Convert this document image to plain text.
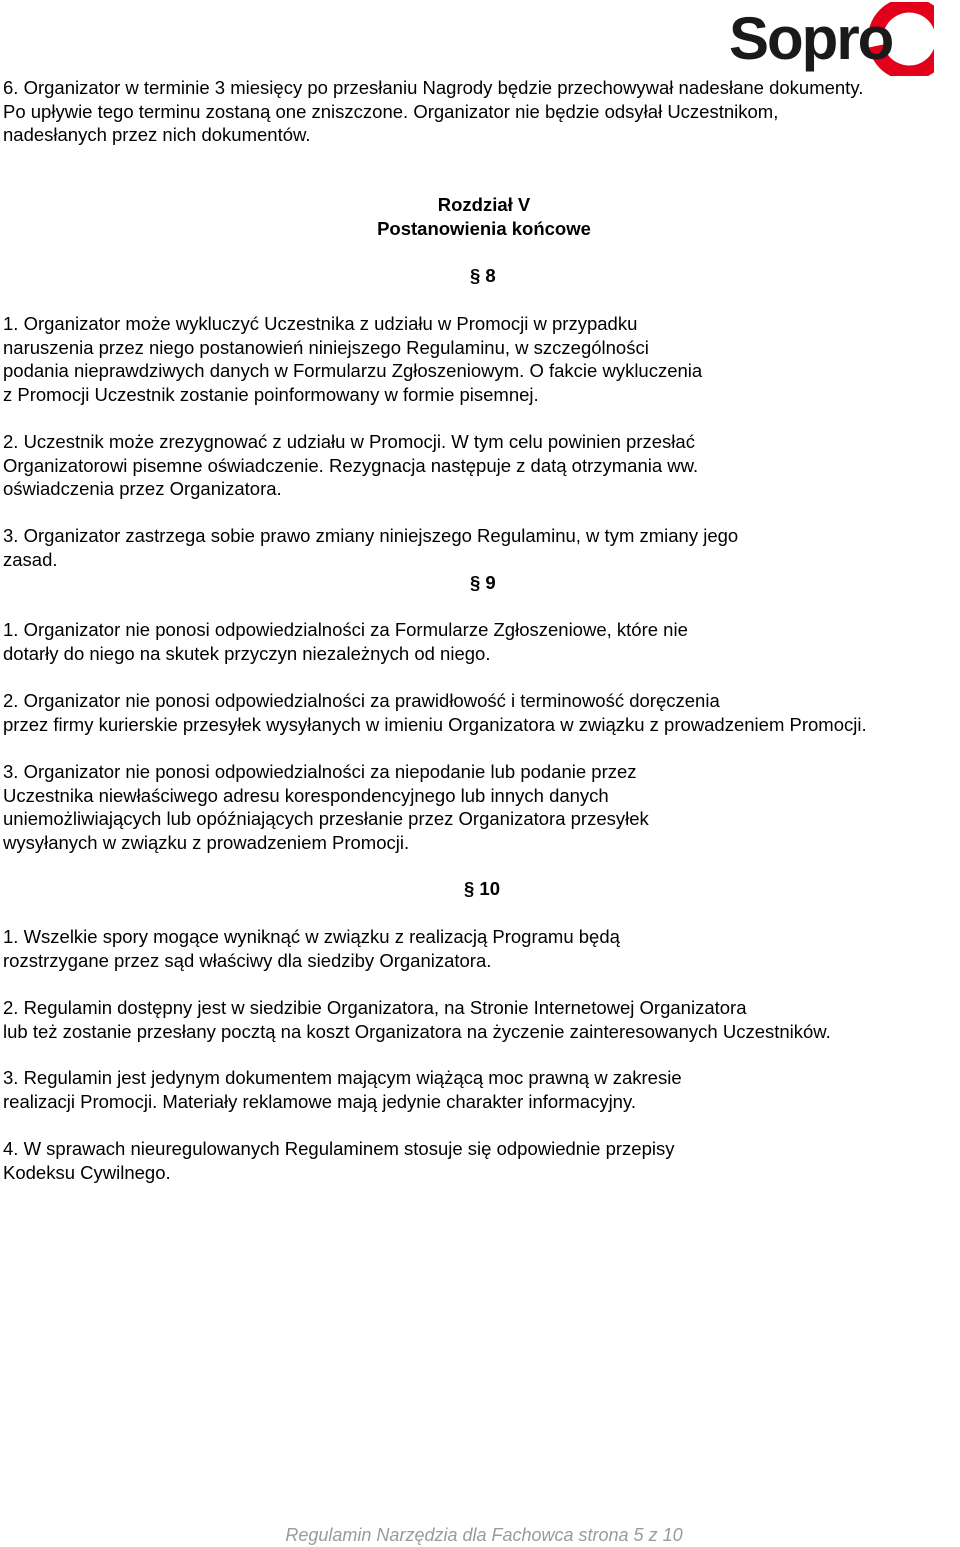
Sopro
6. Organizator w terminie 3 miesięcy po przesłaniu Nagrody będzie przechowywał nadesłane dokumenty.
Po upływie tego terminu zostaną one zniszczone. Organizator nie będzie odsyłał Uczestnikom,
nadesłanych przez nich dokumentów.
Rozdział V
Postanowienia końcowe
§ 8
1. Organizator może wykluczyć Uczestnika z udziału w Promocji w przypadku
naruszenia przez niego postanowień niniejszego Regulaminu, w szczególności
podania nieprawdziwych danych w Formularzu Zgłoszeniowym. O fakcie wykluczenia
z Promocji Uczestnik zostanie poinformowany w formie pisemnej.
2. Uczestnik może zrezygnować z udziału w Promocji. W tym celu powinien przesłać
Organizatorowi pisemne oświadczenie. Rezygnacja następuje z datą otrzymania ww.
oświadczenia przez Organizatora.
3. Organizator zastrzega sobie prawo zmiany niniejszego Regulaminu, w tym zmiany jego
zasad.
§ 9
1. Organizator nie ponosi odpowiedzialności za Formularze Zgłoszeniowe, które nie
dotarły do niego na skutek przyczyn niezależnych od niego.
2. Organizator nie ponosi odpowiedzialności za prawidłowość i terminowość doręczenia
przez firmy kurierskie przesyłek wysyłanych w imieniu Organizatora w związku z prowadzeniem Promocji.
3. Organizator nie ponosi odpowiedzialności za niepodanie lub podanie przez
Uczestnika niewłaściwego adresu korespondencyjnego lub innych danych
uniemożliwiających lub opóźniających przesłanie przez Organizatora przesyłek
wysyłanych w związku z prowadzeniem Promocji.
§ 10
1. Wszelkie spory mogące wyniknąć w związku z realizacją Programu będą
rozstrzygane przez sąd właściwy dla siedziby Organizatora.
2. Regulamin dostępny jest w siedzibie Organizatora, na Stronie Internetowej Organizatora
lub też zostanie przesłany pocztą na koszt Organizatora na życzenie zainteresowanych Uczestników.
3. Regulamin jest jedynym dokumentem mającym wiążącą moc prawną w zakresie
realizacji Promocji. Materiały reklamowe mają jedynie charakter informacyjny.
4. W sprawach nieuregulowanych Regulaminem stosuje się odpowiednie przepisy
Kodeksu Cywilnego.
Regulamin Narzędzia dla Fachowca strona 5 z 10
